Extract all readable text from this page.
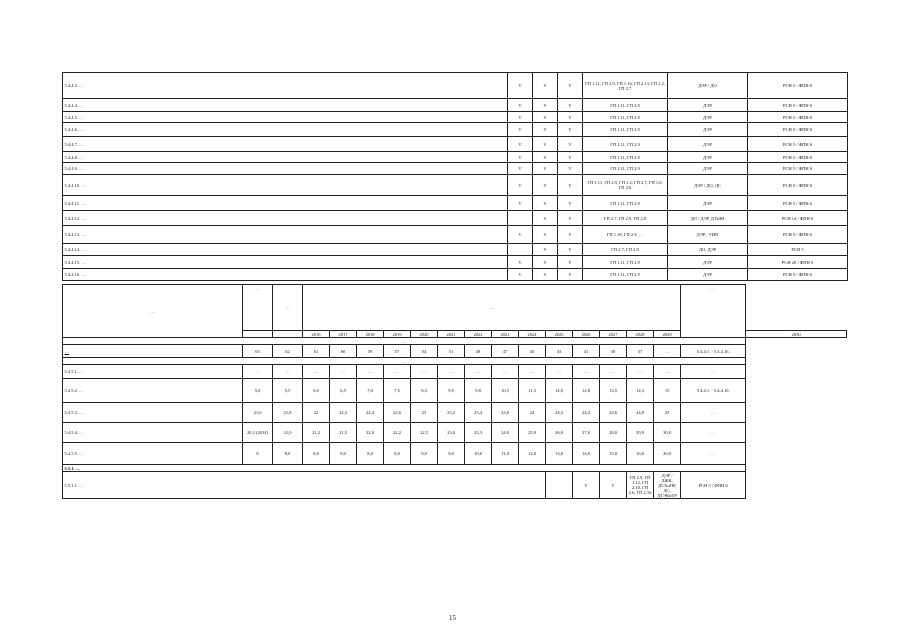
5.4.4.3. …	V	V	V	ГП 1.11, ГП 2.9, ГП 1.16, ГП 2.13, ГП 1.2, ГП 2.7	ДЭР / ДО	РСН 5 / ФПН 6
5.4.4.4. …	V	V	V	ГП 1.11, ГП 2.9	ДЭР	РСН 5 / ФПН 6
5.4.4.5. …	V	V	V	ГП 1.11, ГП 2.9	ДЭР	РСН 5 / ФПН 6
5.4.4.6. …	V	V	V	ГП 1.11, ГП 2.9	ДЭР	РСН 5 / ФПН 6
5.4.4.7. …	V	V	V	ГП 1.11, ГП 2.9	ДЭР	РСН 5 / ФПН 6
5.4.4.8. …	V	V	V	ГП 1.11, ГП 2.9	ДЭР	РСН 5 / ФПН 6
5.4.4.9. …	V	V	V	ГП 2.11, ГП 2.9	ДЭР	РСН 5 / ФПН 6
5.4.4.10. …	V	V	V	ГП 1.11, ГП 2.9, ГП 1.2, ГП 2.7, ГП 1.6, ГП 2.6	ДЭР / ДО, ДС	РСН 5 / ФПН 6
5.4.4.11. …	V	V	V	ГП 1.11, ГП 2.9	ДЭР	РСН 5 / ФПН 6
5.4.4.12. …		V	V	ГП 2.7, ГП 2.9, ГП 2.8	ДО / ДЭР, ДТиЗН	РСН 14 / ФПН 6
5.4.4.13. …	V	V	V	ГП 1.18, ГП 2.9, …	ДЭР / УИП	РСН 5 / ФПН 6
5.4.4.14. …		V	V	ГП 2.7, ГП 2.9	ДО, ДЭР	РСН 5
5.4.4.15. …	V	V	V	ГП 1.11, ГП 2.9	ДЭР	РСН 20 / ФПН 5
5.4.4.16. …	V	V	V	ГП 1.11, ГП 2.9	ДЭР	РСН 5 / ФПН 6
…	…	…	…														…	
			2016	2017	2018	2019	2020	2021	2022	2023	2024	2025	2026	2027	2028	2029		2030
…																		
…	63	62	61	60	59	57	54	51	49	47	45	43	41	39	37	…	5.4.4.1. - 5.4.4.16.	
…																		
5.4.5.1. …	…	…	…	…	…	…	…	…	…	…	…	…	…	…	…	…	…	
5.4.5.2. …	5,0	5,5	6,0	6,5	7,0	7,5	8,3	9,0	9,8	10,5	11,3	12,0	12,8	13,5	14,3	15	5.4.4.1. - 5.4.4.16.	
5.4.5.3. …	21,6	21,8	22	22,2	22,4	22,6	23	23,2	23,4	23,6	24	24,2	24,4	24,6	24,8	25	…	
5.4.5.4. …	20,3 (2014)	21,0	21,2	21,5	22,0	22,2	22,5	23,0	23,3	24,0	25,0	26,0	27,0	28,0	29,0	30,0	…	
5.4.5.5. …	8	8,0	8,0	8,0	8,0	8,0	9,0	9,0	10,0	11,0	12,0	13,0	14,0	15,0	16,0	20,0	…	
5.5.1. …																		
5.5.1.1. …													V	V	ГП 2.9, ГП 1.12, ГП 2.10, ГП 2.6, ГП 2.16	ДЭР / ДЖК, ДСХиПР, ДС, ДТЭКиТР	РСН 5 / ФПН 6	
15
